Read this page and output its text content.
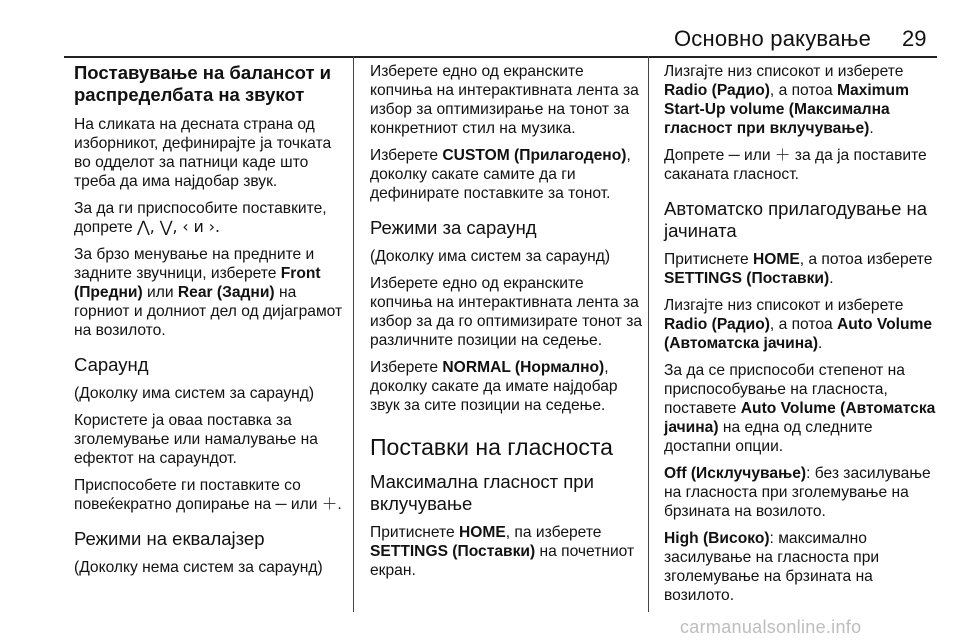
Основно ракување 29
Поставување на балансот и распределбата на звукот

На сликата на десната страна од изборникот, дефинирајте ја точката во одделот за патници каде што треба да има најдобар звук.

За да ги приспособите поставките, допрете ⋀, ⋁, ‹ и ›.

За брзо менување на предните и задните звучници, изберете Front (Предни) или Rear (Задни) на горниот и долниот дел од дијаграмот на возилото.

Сараунд

(Доколку има систем за сараунд)

Користете ја оваа поставка за зголемување или намалување на ефектот на сараундот.

Приспособете ги поставките со повеќекратно допирање на ─ или ＋.

Режими на еквалајзер

(Доколку нема систем за сараунд)

Изберете едно од екранските копчиња на интерактивната лента за избор за оптимизирање на тонот за конкретниот стил на музика.

Изберете CUSTOM (Прилагодено), доколку сакате самите да ги дефинирате поставките за тонот.

Режими за сараунд

(Доколку има систем за сараунд)

Изберете едно од екранските копчиња на интерактивната лента за избор за да го оптимизирате тонот за различните позиции на седење.

Изберете NORMAL (Нормално), доколку сакате да имате најдобар звук за сите позиции на седење.

Поставки на гласноста
Максимална гласност при вклучување

Притиснете HOME, па изберете SETTINGS (Поставки) на почетниот екран.

Лизгајте низ списокот и изберете Radio (Радио), а потоа Maximum Start-Up volume (Максимална гласност при вклучување).

Допрете ─ или ＋ за да ја поставите саканата гласност.

Автоматско прилагодување на јачината

Притиснете HOME, а потоа изберете SETTINGS (Поставки).

Лизгајте низ списокот и изберете Radio (Радио), а потоа Auto Volume (Автоматска јачина).

За да се приспособи степенот на приспособување на гласноста, поставете Auto Volume (Автоматска јачина) на една од следните достапни опции.

Off (Исклучување): без засилување на гласноста при зголемување на брзината на возилото.

High (Високо): максимално засилување на гласноста при зголемување на брзината на возилото.

carmanualsonline.info
